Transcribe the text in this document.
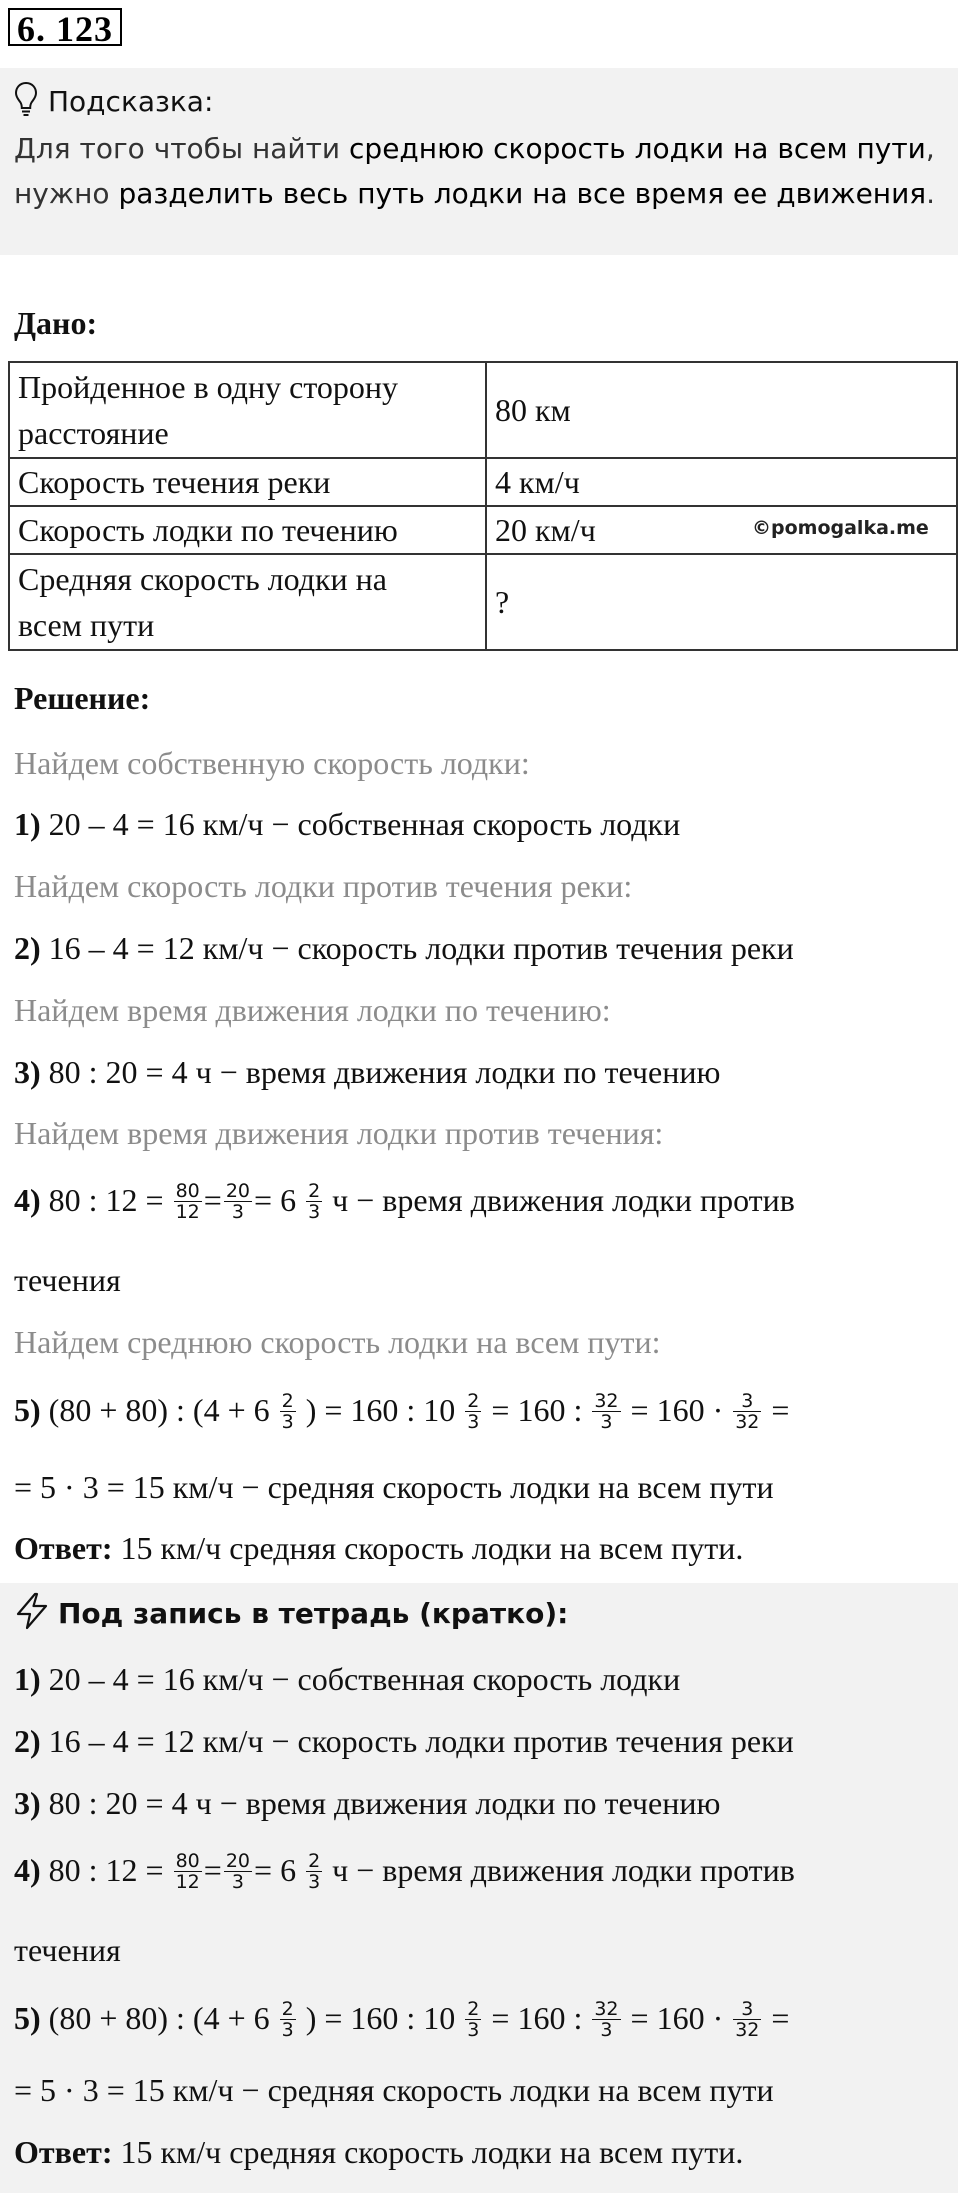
6. 123
Подсказка:
Для того чтобы найти среднюю скорость лодки на всем пути,
нужно разделить весь путь лодки на все время ее движения.
Дано:
Пройденное в одну сторону
расстояние	80 км
Скорость течения реки	4 км/ч
Скорость лодки по течению	20 км/ч
Средняя скорость лодки на
всем пути	?
©pomogalka.me
Решение:
Найдем собственную скорость лодки:
1) 20 – 4 = 16 км/ч − собственная скорость лодки
Найдем скорость лодки против течения реки:
2) 16 – 4 = 12 км/ч − скорость лодки против течения реки
Найдем время движения лодки по течению:
3) 80 : 20 = 4 ч − время движения лодки по течению
Найдем время движения лодки против течения:
4) 80 : $12 = \frac{80}{12} = \frac{20}{3} = 6 \frac{2}{3}$ ч − время движения лодки против
течения
Найдем среднюю скорость лодки на всем пути:
5) (80 + 80) : ($4 + 6 \frac{2}{3}$ ) = 160 : $10 \frac{2}{3} = 160$ : $\frac{32}{3} = 160 \cdot \frac{3}{32}$ =
= 5 · 3 = 15 км/ч − средняя скорость лодки на всем пути
Ответ: 15 км/ч средняя скорость лодки на всем пути.
Под запись в тетрадь (кратко):
1) 20 – 4 = 16 км/ч − собственная скорость лодки
2) 16 – 4 = 12 км/ч − скорость лодки против течения реки
3) 80 : 20 = 4 ч − время движения лодки по течению
4) 80 : $12 = \frac{80}{12} = \frac{20}{3} = 6 \frac{2}{3}$ ч − время движения лодки против
течения
5) (80 + 80) : ($4 + 6 \frac{2}{3}$ ) = 160 : $10 \frac{2}{3} = 160$ : $\frac{32}{3} = 160 \cdot \frac{3}{32}$ =
= 5 · 3 = 15 км/ч − средняя скорость лодки на всем пути
Ответ: 15 км/ч средняя скорость лодки на всем пути.
